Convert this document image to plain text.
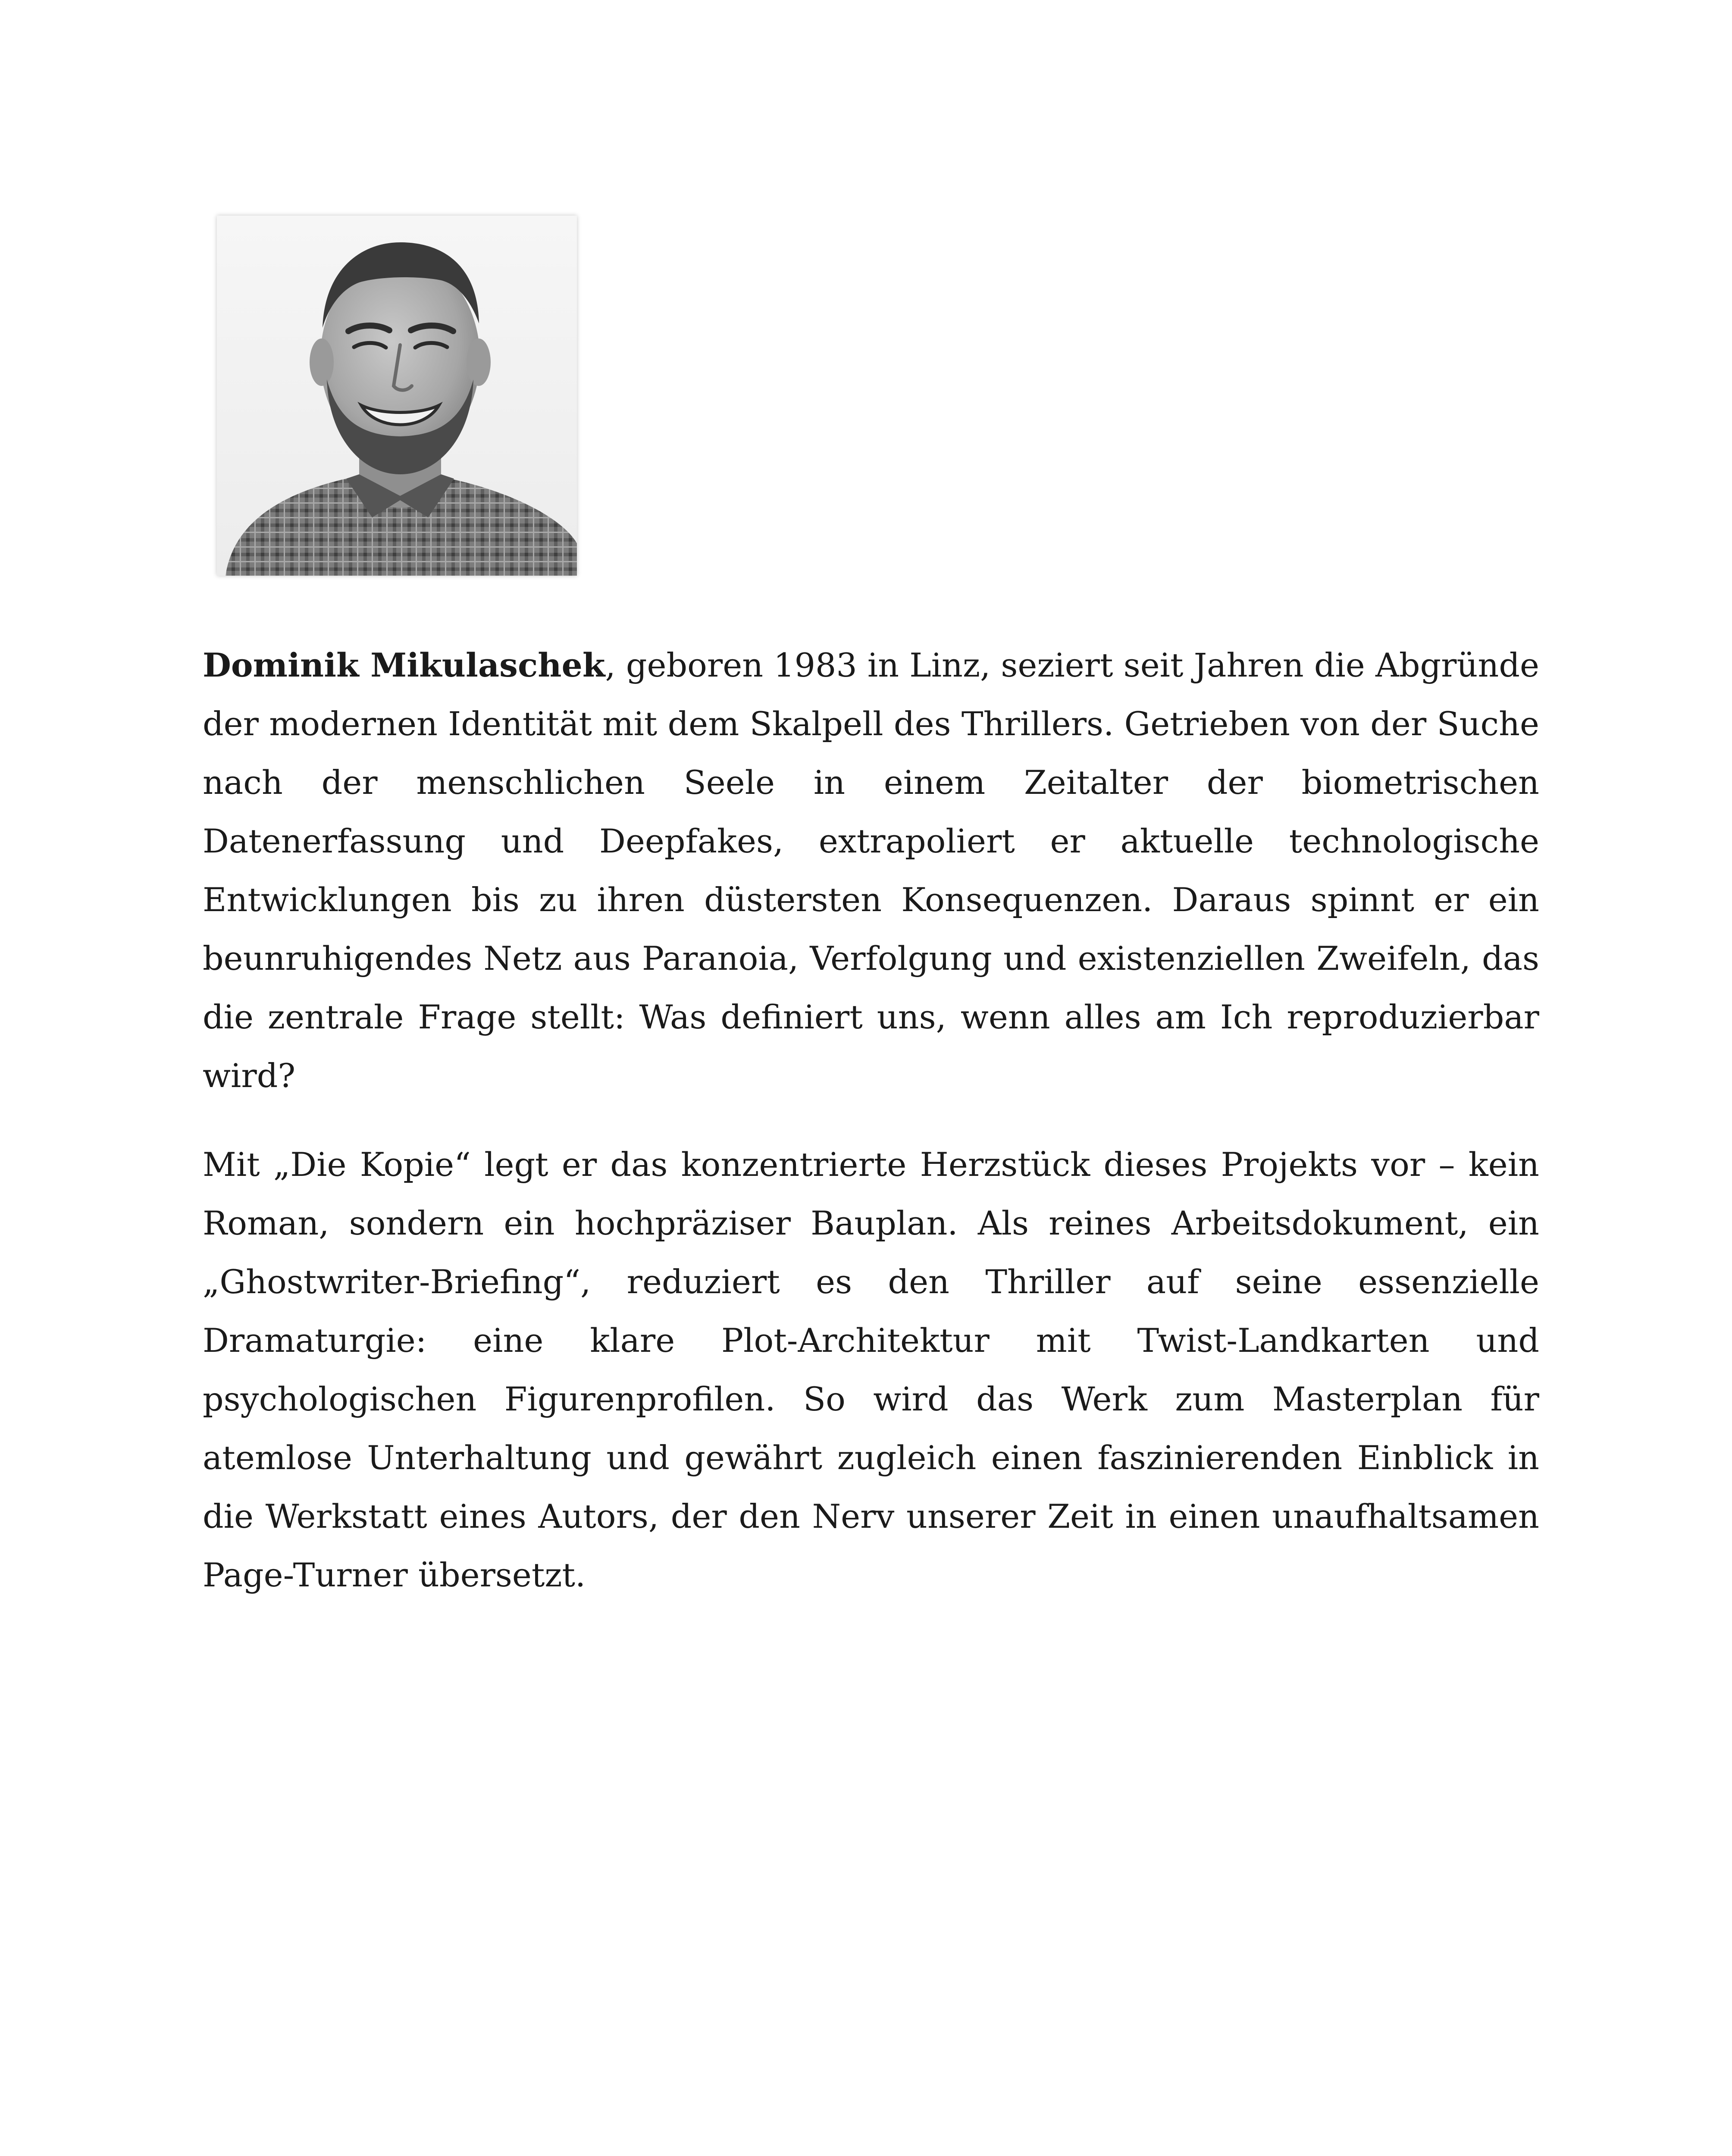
Dominik Mikulaschek, geboren 1983 in Linz, seziert seit Jahren die Abgründe der modernen Identität mit dem Skalpell des Thrillers. Getrieben von der Suche nach der menschlichen Seele in einem Zeitalter der biometrischen Datenerfassung und Deepfakes, extrapoliert er aktuelle technologische Entwicklungen bis zu ihren düstersten Konsequenzen. Daraus spinnt er ein beunruhigendes Netz aus Paranoia, Verfolgung und existenziellen Zweifeln, das die zentrale Frage stellt: Was definiert uns, wenn alles am Ich reproduzierbar wird?

Mit „Die Kopie“ legt er das konzentrierte Herzstück dieses Projekts vor – kein Roman, sondern ein hochpräziser Bauplan. Als reines Arbeitsdokument, ein „Ghostwriter-Briefing“, reduziert es den Thriller auf seine essenzielle Dramaturgie: eine klare Plot-Architektur mit Twist-Landkarten und psychologischen Figurenprofilen. So wird das Werk zum Masterplan für atemlose Unterhaltung und gewährt zugleich einen faszinierenden Einblick in die Werkstatt eines Autors, der den Nerv unserer Zeit in einen unaufhaltsamen Page-Turner übersetzt.
